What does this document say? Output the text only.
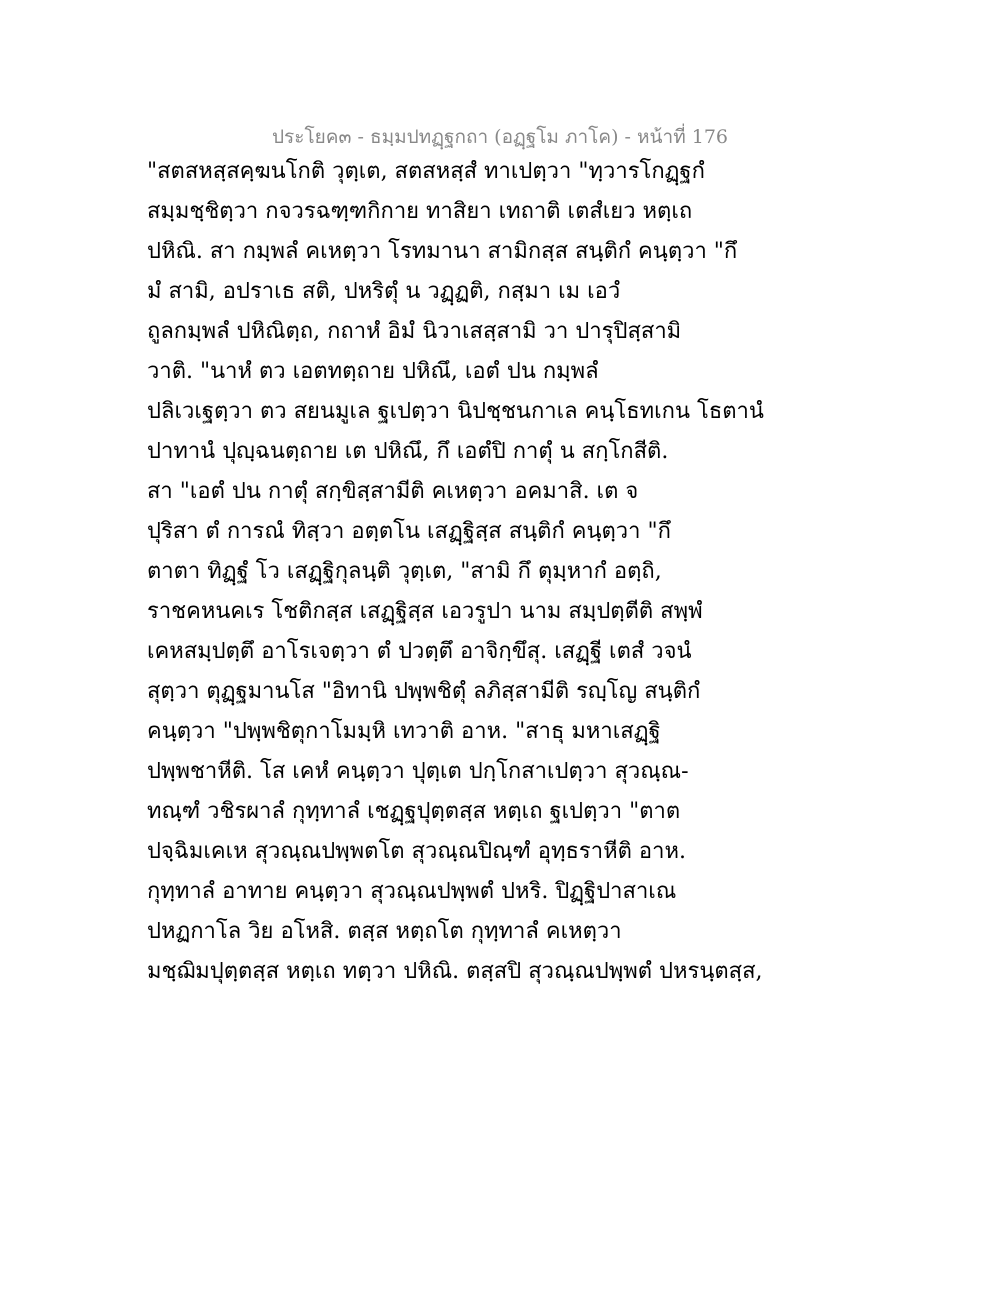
ประโยค๓ - ธมฺมปทฏฺฐกถา (อฏฺฐโม ภาโค) - หน้าที่ 176
"สตสหสฺสคฺฆนโกติ วุตฺเต, สตสหสฺสํ ทาเปตฺวา "ทฺวารโกฏฺฐกํ
สมฺมชฺชิตฺวา กจวรฉฑฺฑกิกาย ทาสิยา เทถาติ เตสํเยว หตฺเถ
ปหิณิ. สา กมฺพลํ คเหตฺวา โรทมานา สามิกสฺส สนฺติกํ คนฺตฺวา "กึ
มํ สามิ, อปราเธ สติ, ปหริตุํ น วฏฺฏติ, กสฺมา เม เอวํ
ถูลกมฺพลํ ปหิณิตฺถ, กถาหํ อิมํ นิวาเสสฺสามิ วา ปารุปิสฺสามิ
วาติ. "นาหํ ตว เอตทตฺถาย ปหิณึ, เอตํ ปน กมฺพลํ
ปลิเวเฐตฺวา ตว สยนมูเล ฐเปตฺวา นิปชฺชนกาเล คนฺโธทเกน โธตานํ
ปาทานํ ปุญฺฉนตฺถาย เต ปหิณึ, กึ เอตํปิ กาตุํ น สกฺโกสีติ.
สา "เอตํ ปน กาตุํ สกฺขิสฺสามีติ คเหตฺวา อคมาสิ. เต จ
ปุริสา ตํ การณํ ทิสฺวา อตฺตโน เสฏฺฐิสฺส สนฺติกํ คนฺตฺวา "กึ
ตาตา ทิฏฺฐํ โว เสฏฺฐิกุลนฺติ วุตฺเต, "สามิ กึ ตุมฺหากํ อตฺถิ,
ราชคหนคเร โชติกสฺส เสฏฺฐิสฺส เอวรูปา นาม สมฺปตฺตีติ สพฺพํ
เคหสมฺปตฺตึ อาโรเจตฺวา ตํ ปวตฺตึ อาจิกฺขึสุ. เสฏฺฐี เตสํ วจนํ
สุตฺวา ตุฏฺฐมานโส "อิทานิ ปพฺพชิตุํ ลภิสฺสามีติ รญฺโญ สนฺติกํ
คนฺตฺวา "ปพฺพชิตุกาโมมฺหิ เทวาติ อาห. "สาธุ มหาเสฏฺฐิ
ปพฺพชาหีติ. โส เคหํ คนฺตฺวา ปุตฺเต ปกฺโกสาเปตฺวา สุวณฺณ-
ทณฺฑํ วชิรผาลํ กุทฺทาลํ เชฏฺฐปุตฺตสฺส หตฺเถ ฐเปตฺวา "ตาต
ปจฺฉิมเคเห สุวณฺณปพฺพตโต สุวณฺณปิณฺฑํ อุทฺธราหีติ อาห.
กุทฺทาลํ อาทาย คนฺตฺวา สุวณฺณปพฺพตํ ปหริ. ปิฏฺฐิปาสาเณ
ปหฏกาโล วิย อโหสิ. ตสฺส หตฺถโต กุทฺทาลํ คเหตฺวา
มชฺฌิมปุตฺตสฺส หตฺเถ ทตฺวา ปหิณิ. ตสฺสปิ สุวณฺณปพฺพตํ ปหรนฺตสฺส,
